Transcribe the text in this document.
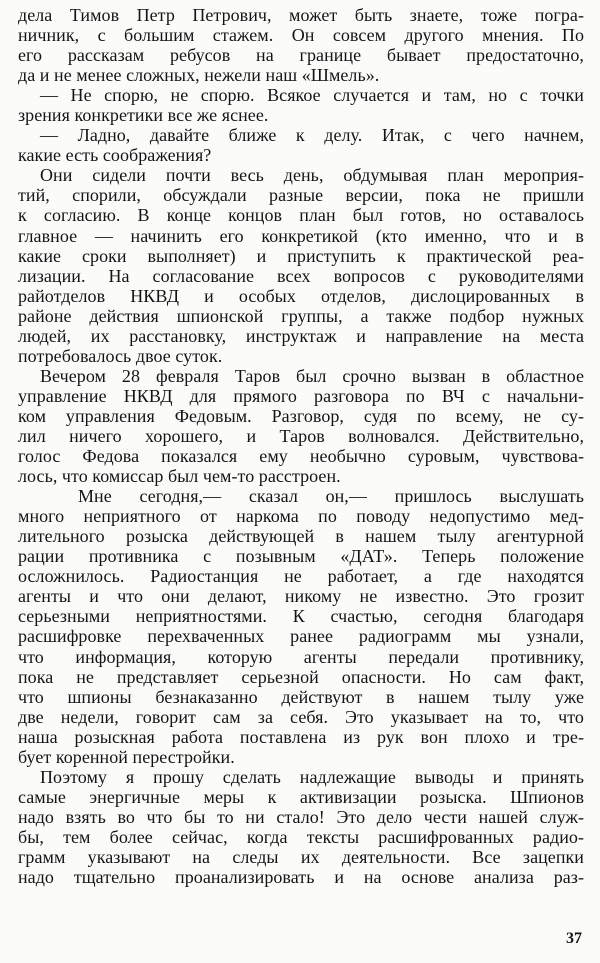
дела Тимов Петр Петрович, может быть знаете, тоже погра-
ничник, с большим стажем. Он совсем другого мнения. По
его рассказам ребусов на границе бывает предостаточно,
да и не менее сложных, нежели наш «Шмель».
— Не спорю, не спорю. Всякое случается и там, но с точки
зрения конкретики все же яснее.
— Ладно, давайте ближе к делу. Итак, с чего начнем,
какие есть соображения?
Они сидели почти весь день, обдумывая план мероприя-
тий, спорили, обсуждали разные версии, пока не пришли
к согласию. В конце концов план был готов, но оставалось
главное — начинить его конкретикой (кто именно, что и в
какие сроки выполняет) и приступить к практической реа-
лизации. На согласование всех вопросов с руководителями
райотделов НКВД и особых отделов, дислоцированных в
районе действия шпионской группы, а также подбор нужных
людей, их расстановку, инструктаж и направление на места
потребовалось двое суток.
Вечером 28 февраля Таров был срочно вызван в областное
управление НКВД для прямого разговора по ВЧ с начальни-
ком управления Федовым. Разговор, судя по всему, не су-
лил ничего хорошего, и Таров волновался. Действительно,
голос Федова показался ему необычно суровым, чувствова-
лось, что комиссар был чем-то расстроен.
Мне сегодня,— сказал он,— пришлось выслушать
много неприятного от наркома по поводу недопустимо мед-
лительного розыска действующей в нашем тылу агентурной
рации противника с позывным «ДАТ». Теперь положение
осложнилось. Радиостанция не работает, а где находятся
агенты и что они делают, никому не известно. Это грозит
серьезными неприятностями. К счастью, сегодня благодаря
расшифровке перехваченных ранее радиограмм мы узнали,
что информация, которую агенты передали противнику,
пока не представляет серьезной опасности. Но сам факт,
что шпионы безнаказанно действуют в нашем тылу уже
две недели, говорит сам за себя. Это указывает на то, что
наша розыскная работа поставлена из рук вон плохо и тре-
бует коренной перестройки.
Поэтому я прошу сделать надлежащие выводы и принять
самые энергичные меры к активизации розыска. Шпионов
надо взять во что бы то ни стало! Это дело чести нашей служ-
бы, тем более сейчас, когда тексты расшифрованных радио-
грамм указывают на следы их деятельности. Все зацепки
надо тщательно проанализировать и на основе анализа раз-
37
